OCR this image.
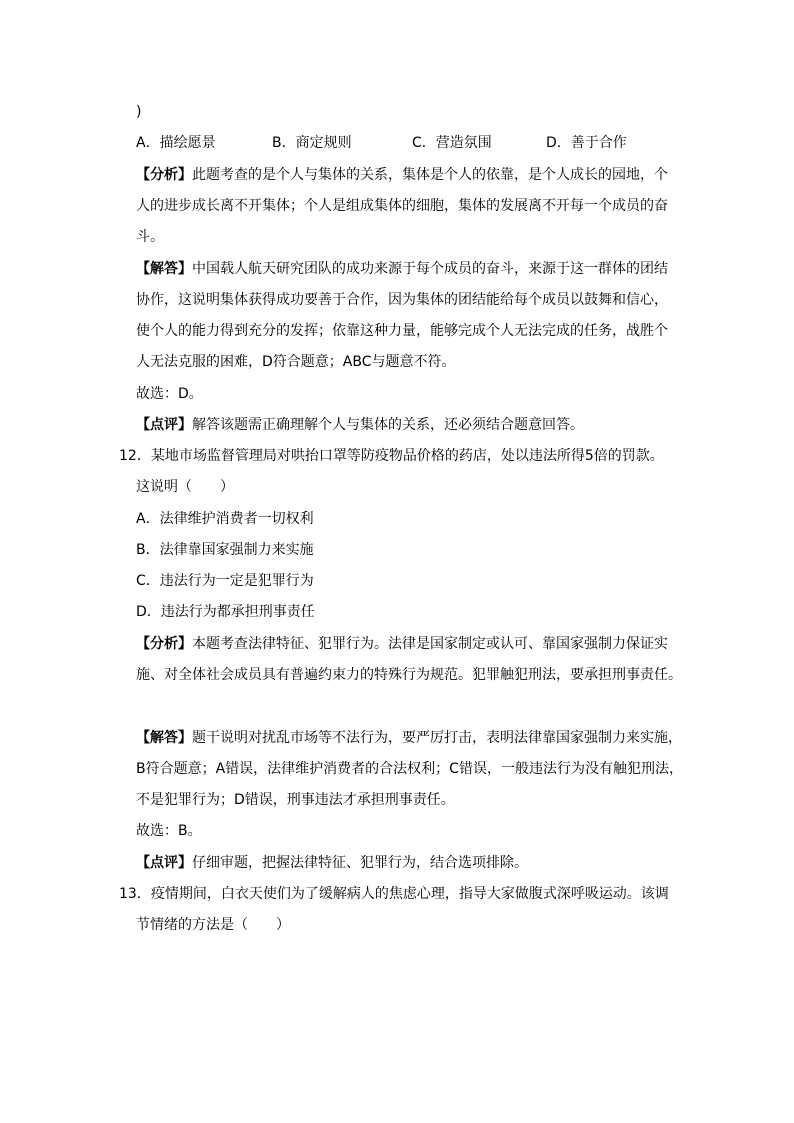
)
A．描绘愿景	B．商定规则	C．营造氛围	D．善于合作
【分析】此题考查的是个人与集体的关系，集体是个人的依靠，是个人成长的园地，个
人的进步成长离不开集体；个人是组成集体的细胞，集体的发展离不开每一个成员的奋
斗。
【解答】中国载人航天研究团队的成功来源于每个成员的奋斗，来源于这一群体的团结
协作，这说明集体获得成功要善于合作，因为集体的团结能给每个成员以鼓舞和信心，
使个人的能力得到充分的发挥；依靠这种力量，能够完成个人无法完成的任务，战胜个
人无法克服的困难，D符合题意；ABC与题意不符。
故选：D。
【点评】解答该题需正确理解个人与集体的关系，还必须结合题意回答。
12．某地市场监督管理局对哄抬口罩等防疫物品价格的药店，处以违法所得5倍的罚款。
这说明（　　）
A．法律维护消费者一切权利
B．法律靠国家强制力来实施
C．违法行为一定是犯罪行为
D．违法行为都承担刑事责任
【分析】本题考查法律特征、犯罪行为。法律是国家制定或认可、靠国家强制力保证实
施、对全体社会成员具有普遍约束力的特殊行为规范。犯罪触犯刑法，要承担刑事责任。
【解答】题干说明对扰乱市场等不法行为，要严厉打击，表明法律靠国家强制力来实施，
B符合题意；A错误，法律维护消费者的合法权利；C错误，一般违法行为没有触犯刑法，
不是犯罪行为；D错误，刑事违法才承担刑事责任。
故选：B。
【点评】仔细审题，把握法律特征、犯罪行为，结合选项排除。
13．疫情期间，白衣天使们为了缓解病人的焦虑心理，指导大家做腹式深呼吸运动。该调
节情绪的方法是（　　）
